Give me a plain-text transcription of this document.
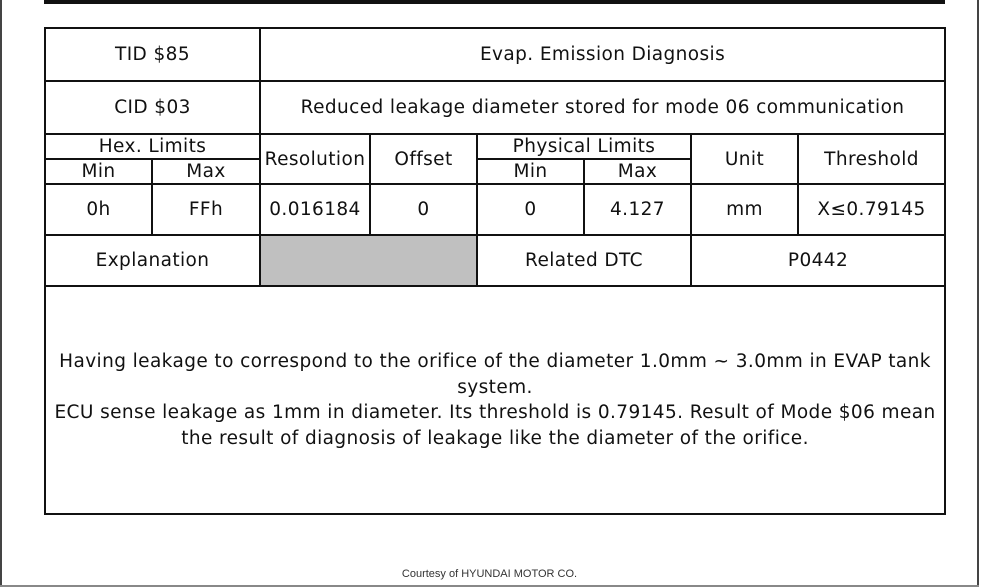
TID $85		Evap. Emission Diagnosis					
CID $03		Reduced leakage diameter stored for mode 06 communication					
Hex. Limits		Resolution	Offset	Physical Limits		Unit	Threshold
Min	Max			Min	Max		
0h	FFh	0.016184	0	0	4.127	mm	X≤0.79145
Explanation				Related DTC		P0442	

Having leakage to correspond to the orifice of the diameter 1.0mm ~ 3.0mm in EVAP tank system.

ECU sense leakage as 1mm in diameter. Its threshold is 0.79145. Result of Mode $06 mean the result of diagnosis of leakage like the diameter of the orifice.							

Courtesy of HYUNDAI MOTOR CO.
